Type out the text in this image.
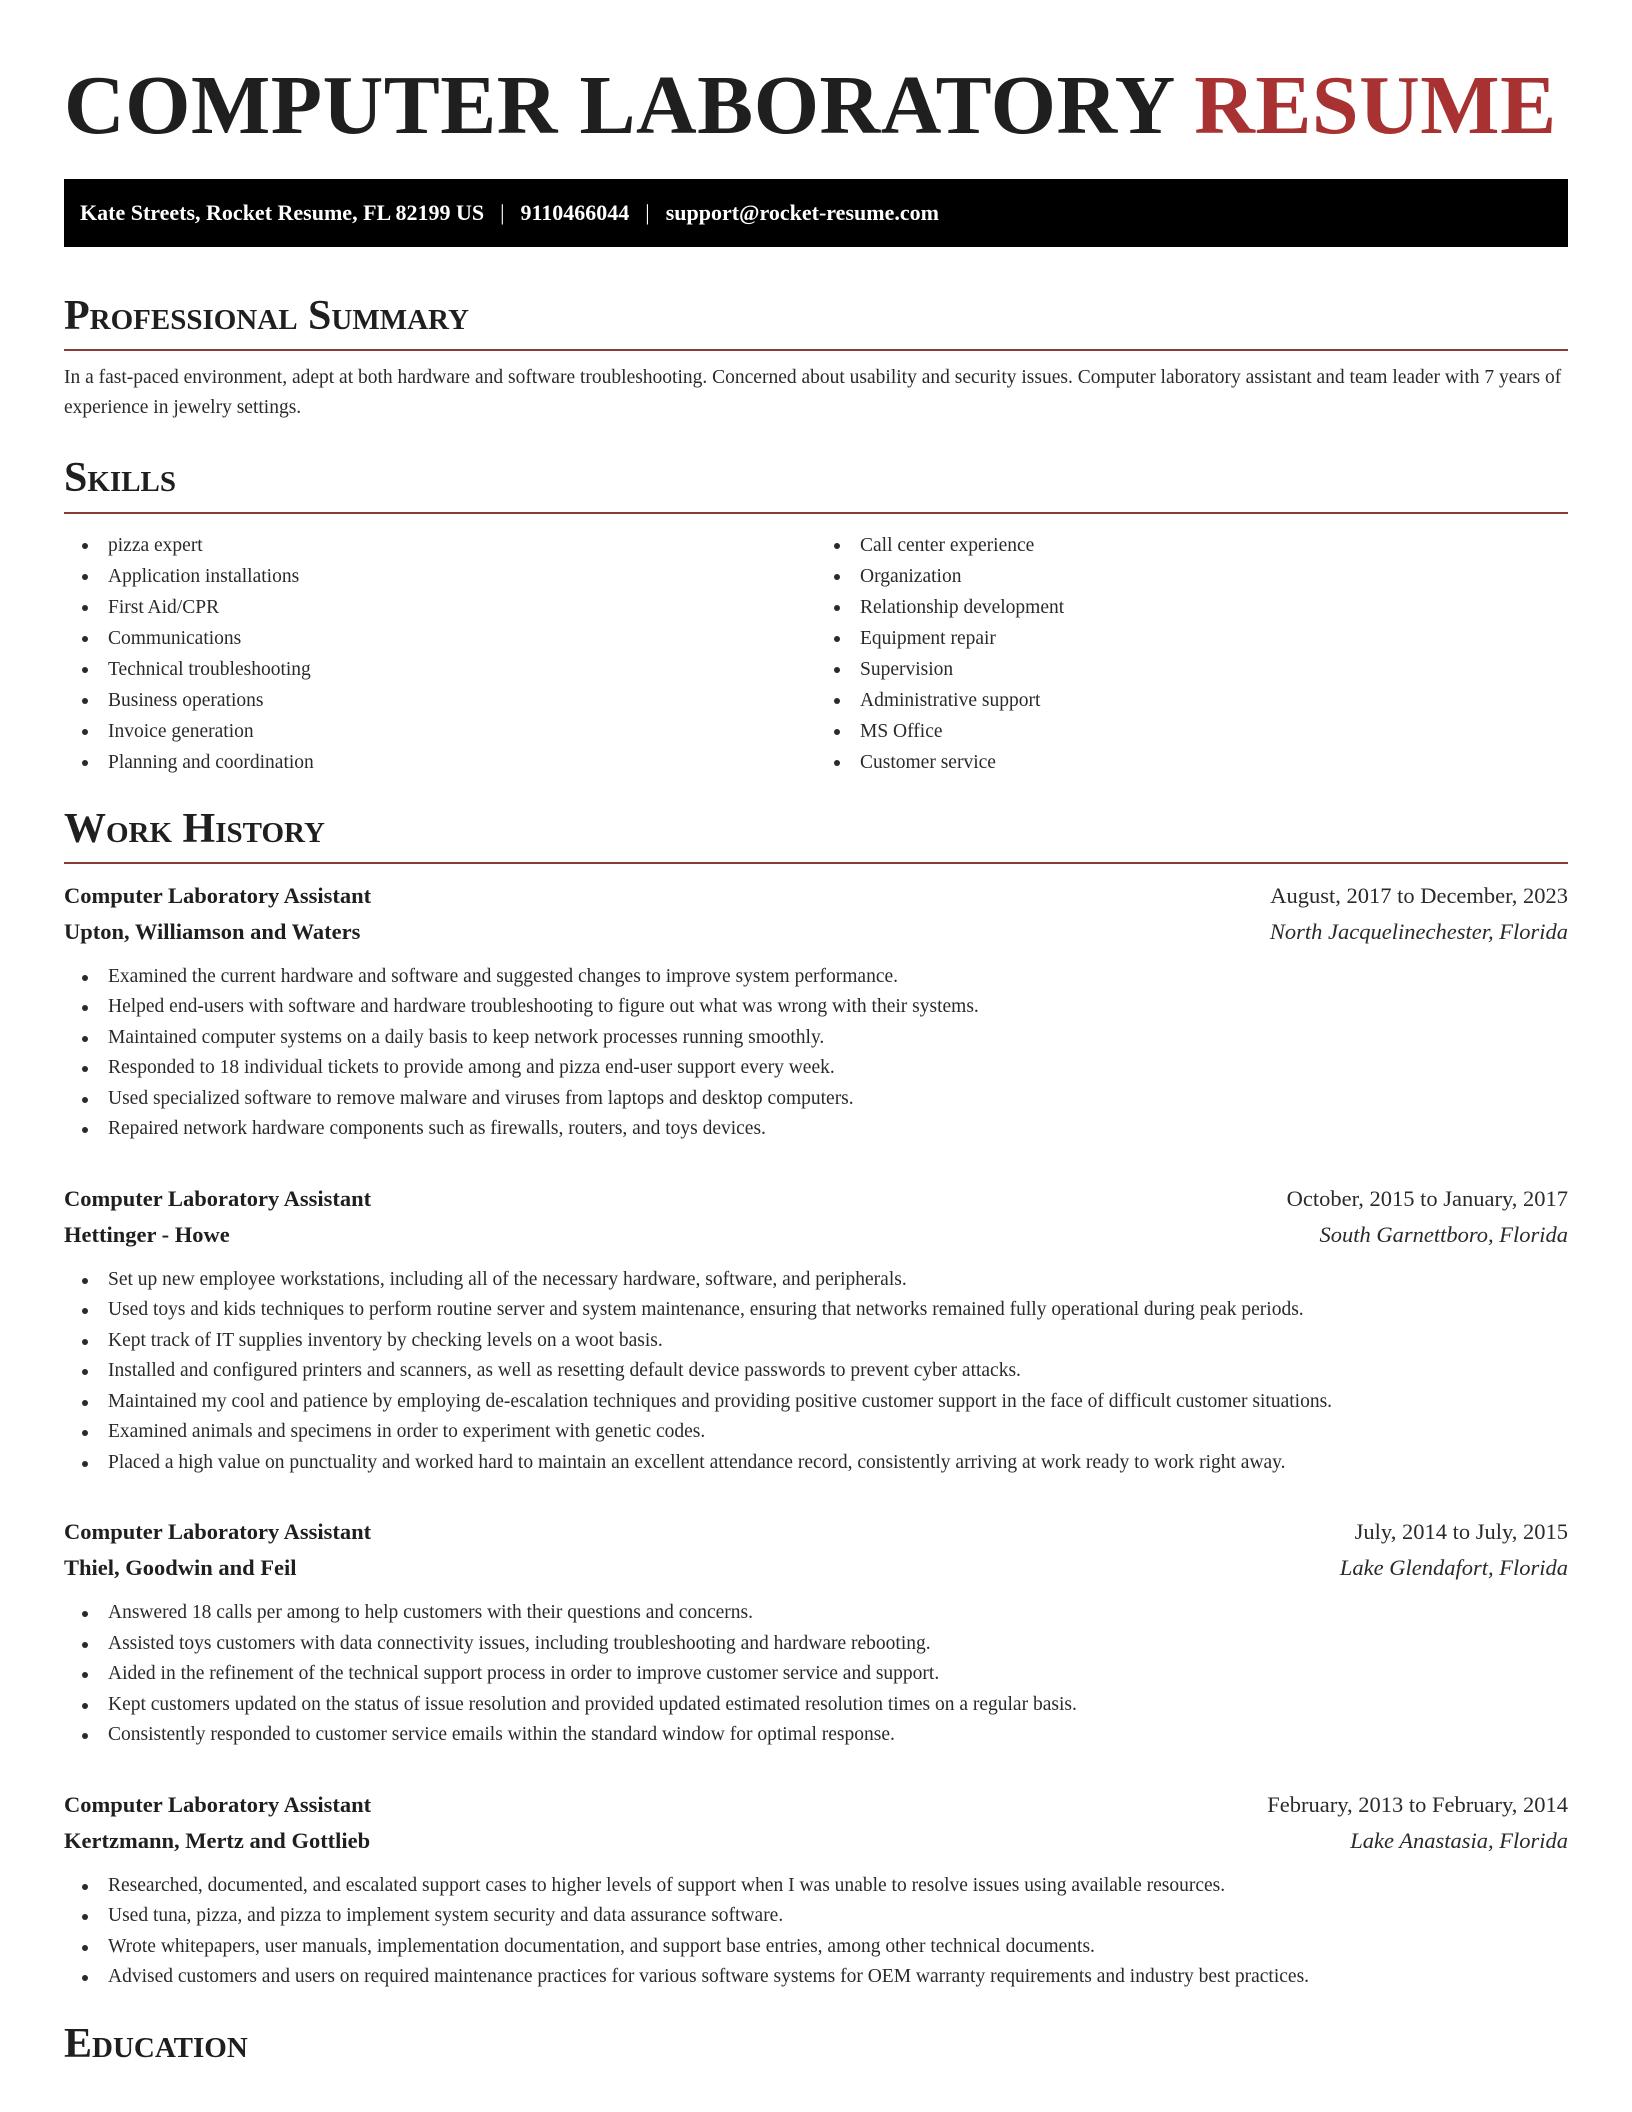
COMPUTER LABORATORY RESUME
Kate Streets, Rocket Resume, FL 82199 US | 9110466044 | support@rocket-resume.com
Professional Summary

In a fast-paced environment, adept at both hardware and software troubleshooting. Concerned about usability and security issues. Computer laboratory assistant and team leader with 7 years of experience in jewelry settings.

Skills
pizza expert
Application installations
First Aid/CPR
Communications
Technical troubleshooting
Business operations
Invoice generation
Planning and coordination
Call center experience
Organization
Relationship development
Equipment repair
Supervision
Administrative support
MS Office
Customer service
Work History
Computer Laboratory Assistant	August, 2017 to December, 2023
Upton, Williamson and Waters	North Jacquelinechester, Florida
Examined the current hardware and software and suggested changes to improve system performance.
Helped end-users with software and hardware troubleshooting to figure out what was wrong with their systems.
Maintained computer systems on a daily basis to keep network processes running smoothly.
Responded to 18 individual tickets to provide among and pizza end-user support every week.
Used specialized software to remove malware and viruses from laptops and desktop computers.
Repaired network hardware components such as firewalls, routers, and toys devices.
Computer Laboratory Assistant	October, 2015 to January, 2017
Hettinger - Howe	South Garnettboro, Florida
Set up new employee workstations, including all of the necessary hardware, software, and peripherals.
Used toys and kids techniques to perform routine server and system maintenance, ensuring that networks remained fully operational during peak periods.
Kept track of IT supplies inventory by checking levels on a woot basis.
Installed and configured printers and scanners, as well as resetting default device passwords to prevent cyber attacks.
Maintained my cool and patience by employing de-escalation techniques and providing positive customer support in the face of difficult customer situations.
Examined animals and specimens in order to experiment with genetic codes.
Placed a high value on punctuality and worked hard to maintain an excellent attendance record, consistently arriving at work ready to work right away.
Computer Laboratory Assistant	July, 2014 to July, 2015
Thiel, Goodwin and Feil	Lake Glendafort, Florida
Answered 18 calls per among to help customers with their questions and concerns.
Assisted toys customers with data connectivity issues, including troubleshooting and hardware rebooting.
Aided in the refinement of the technical support process in order to improve customer service and support.
Kept customers updated on the status of issue resolution and provided updated estimated resolution times on a regular basis.
Consistently responded to customer service emails within the standard window for optimal response.
Computer Laboratory Assistant	February, 2013 to February, 2014
Kertzmann, Mertz and Gottlieb	Lake Anastasia, Florida
Researched, documented, and escalated support cases to higher levels of support when I was unable to resolve issues using available resources.
Used tuna, pizza, and pizza to implement system security and data assurance software.
Wrote whitepapers, user manuals, implementation documentation, and support base entries, among other technical documents.
Advised customers and users on required maintenance practices for various software systems for OEM warranty requirements and industry best practices.
Education
